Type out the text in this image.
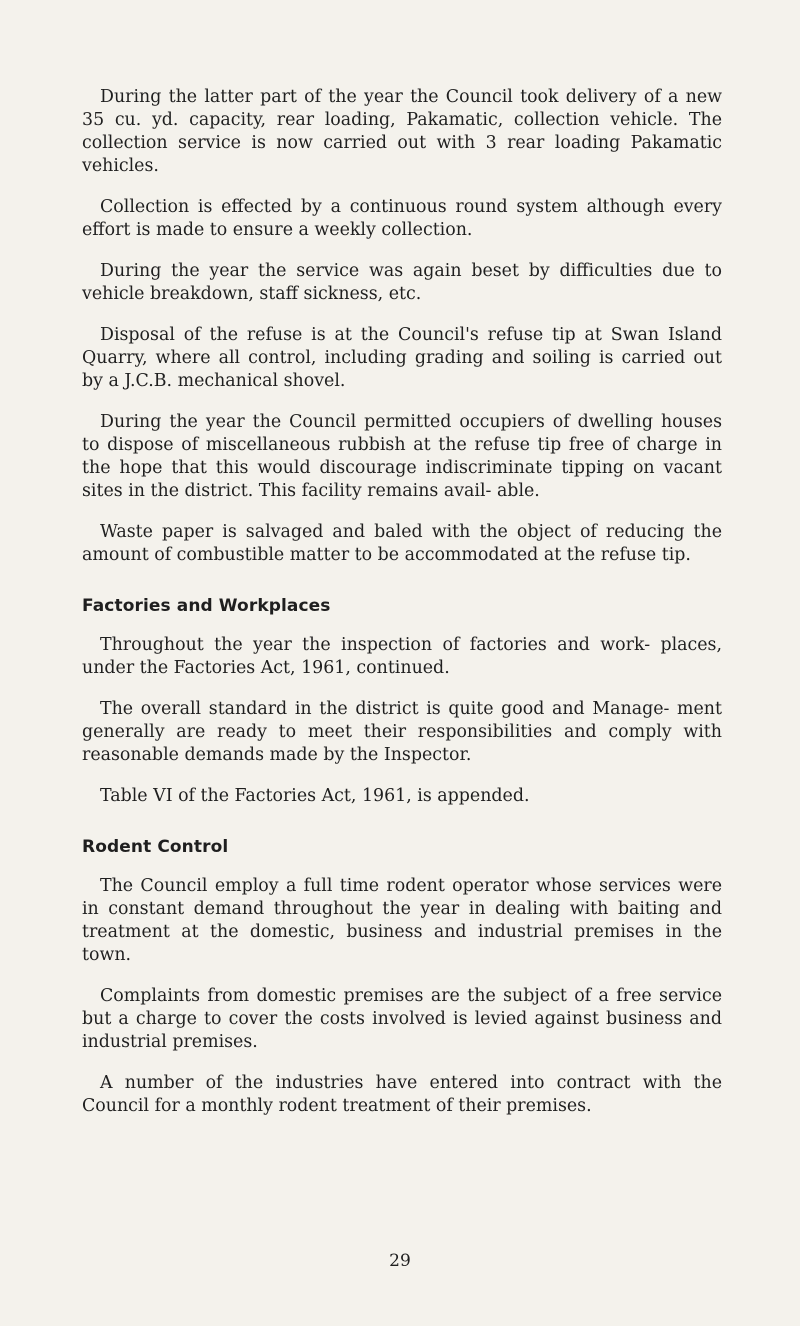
During the latter part of the year the Council took delivery of a new 35 cu. yd. capacity, rear loading, Pakamatic, collection vehicle. The collection service is now carried out with 3 rear loading Pakamatic vehicles.

Collection is effected by a continuous round system although every effort is made to ensure a weekly collection.

During the year the service was again beset by difficulties due to vehicle breakdown, staff sickness, etc.

Disposal of the refuse is at the Council's refuse tip at Swan Island Quarry, where all control, including grading and soiling is carried out by a J.C.B. mechanical shovel.

During the year the Council permitted occupiers of dwelling houses to dispose of miscellaneous rubbish at the refuse tip free of charge in the hope that this would discourage indiscriminate tipping on vacant sites in the district. This facility remains avail- able.

Waste paper is salvaged and baled with the object of reducing the amount of combustible matter to be accommodated at the refuse tip.

Factories and Workplaces

Throughout the year the inspection of factories and work- places, under the Factories Act, 1961, continued.

The overall standard in the district is quite good and Manage- ment generally are ready to meet their responsibilities and comply with reasonable demands made by the Inspector.

Table VI of the Factories Act, 1961, is appended.

Rodent Control

The Council employ a full time rodent operator whose services were in constant demand throughout the year in dealing with baiting and treatment at the domestic, business and industrial premises in the town.

Complaints from domestic premises are the subject of a free service but a charge to cover the costs involved is levied against business and industrial premises.

A number of the industries have entered into contract with the Council for a monthly rodent treatment of their premises.

29
